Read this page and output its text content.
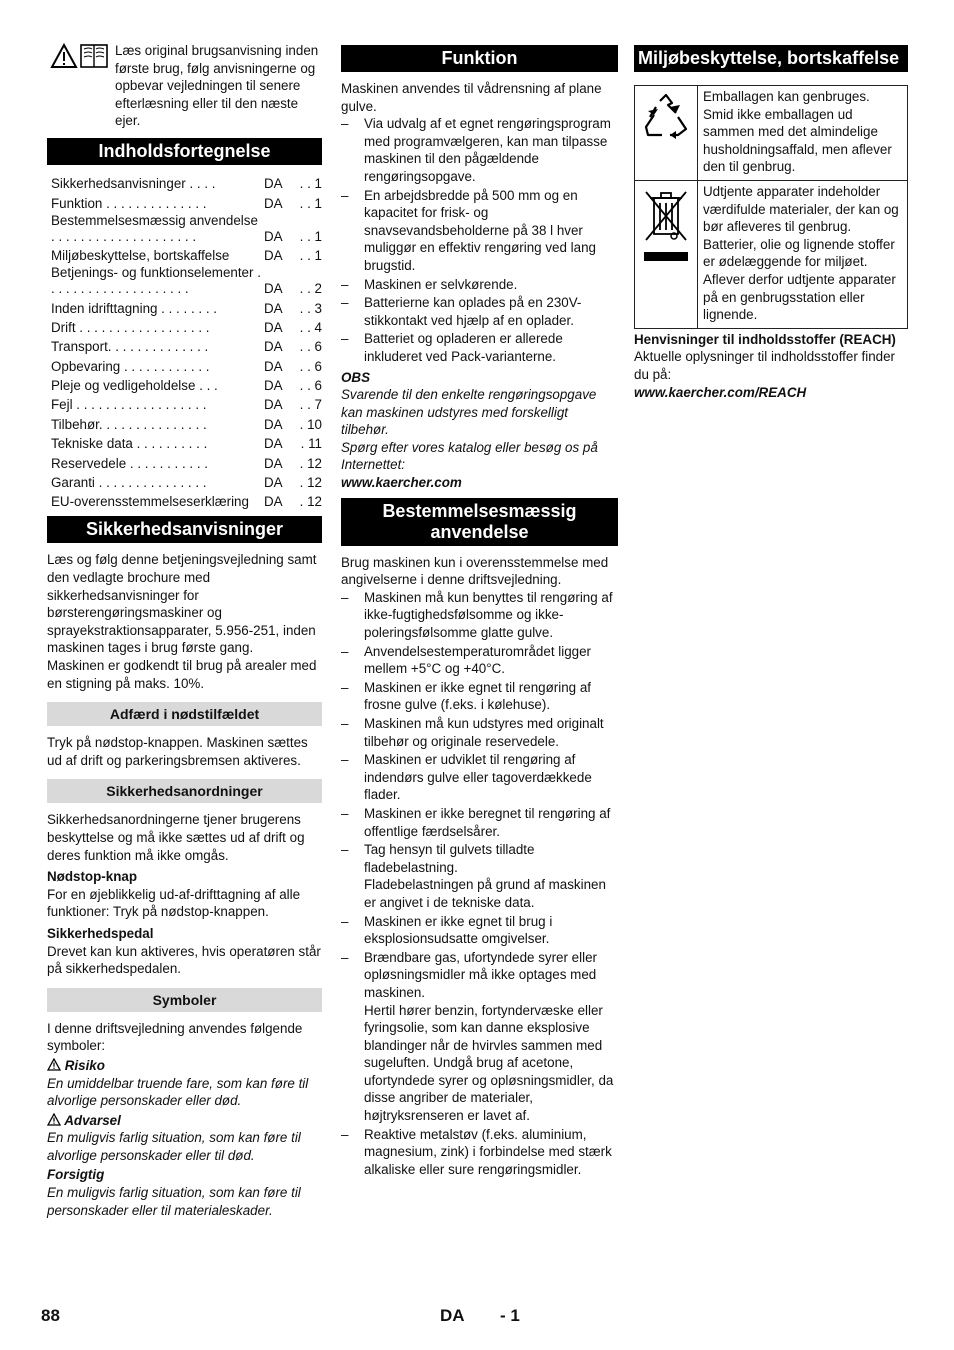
Læs original brugsanvisning inden første brug, følg anvisningerne og opbevar vejledningen til senere efterlæsning eller til den næste ejer.

Indholdsfortegnelse
Sikkerhedsanvisninger . . . .	DA	. . 1
Funktion . . . . . . . . . . . . . .	DA	. . 1
Bestemmelsesmæssig anvendelse . . . . . . . . . . . . . . . . . . . .	DA	. . 1
Miljøbeskyttelse, bortskaffelse	DA	. . 1
Betjenings- og funktionselementer . . . . . . . . . . . . . . . . . . . .	DA	. . 2
Inden idrifttagning . . . . . . . .	DA	. . 3
Drift . . . . . . . . . . . . . . . . . .	DA	. . 4
Transport. . . . . . . . . . . . . .	DA	. . 6
Opbevaring . . . . . . . . . . . .	DA	. . 6
Pleje og vedligeholdelse . . .	DA	. . 6
Fejl . . . . . . . . . . . . . . . . . .	DA	. . 7
Tilbehør. . . . . . . . . . . . . . .	DA	. 10
Tekniske data . . . . . . . . . .	DA	. 11
Reservedele . . . . . . . . . . .	DA	. 12
Garanti . . . . . . . . . . . . . . .	DA	. 12
EU-overensstemmelseserklæring	DA	. 12
Sikkerhedsanvisninger

Læs og følg denne betjeningsvejledning samt den vedlagte brochure med sikkerhedsanvisninger for børsterengøringsmaskiner og sprayekstraktionsapparater, 5.956-251, inden maskinen tages i brug første gang.

Maskinen er godkendt til brug på arealer med en stigning på maks. 10%.

Adfærd i nødstilfældet

Tryk på nødstop-knappen. Maskinen sættes ud af drift og parkeringsbremsen aktiveres.

Sikkerhedsanordninger

Sikkerhedsanordningerne tjener brugerens beskyttelse og må ikke sættes ud af drift og deres funktion må ikke omgås.

Nødstop-knap

For en øjeblikkelig ud-af-drifttagning af alle funktioner: Tryk på nødstop-knappen.

Sikkerhedspedal

Drevet kan kun aktiveres, hvis operatøren står på sikkerhedspedalen.

Symboler

I denne driftsvejledning anvendes følgende symboler:

Risiko

En umiddelbar truende fare, som kan føre til alvorlige personskader eller død.

Advarsel

En muligvis farlig situation, som kan føre til alvorlige personskader eller til død.

Forsigtig

En muligvis farlig situation, som kan føre til personskader eller til materialeskader.

Funktion

Maskinen anvendes til vådrensning af plane gulve.

– Via udvalg af et egnet rengøringsprogram med programvælgeren, kan man tilpasse maskinen til den pågældende rengøringsopgave.
– En arbejdsbredde på 500 mm og en kapacitet for frisk- og snavsevandsbeholderne på 38 l hver muliggør en effektiv rengøring ved lang brugstid.
– Maskinen er selvkørende.
– Batterierne kan oplades på en 230V-stikkontakt ved hjælp af en oplader.
– Batteriet og opladeren er allerede inkluderet ved Pack-varianterne.

OBS

Svarende til den enkelte rengøringsopgave kan maskinen udstyres med forskelligt tilbehør.

Spørg efter vores katalog eller besøg os på Internettet:

www.kaercher.com

Bestemmelsesmæssig anvendelse

Brug maskinen kun i overensstemmelse med angivelserne i denne driftsvejledning.

– Maskinen må kun benyttes til rengøring af ikke-fugtighedsfølsomme og ikke-poleringsfølsomme glatte gulve.
– Anvendelsestemperaturområdet ligger mellem +5°C og +40°C.
– Maskinen er ikke egnet til rengøring af frosne gulve (f.eks. i kølehuse).
– Maskinen må kun udstyres med originalt tilbehør og originale reservedele.
– Maskinen er udviklet til rengøring af indendørs gulve eller tagoverdækkede flader.
– Maskinen er ikke beregnet til rengøring af offentlige færdselsårer.
– Tag hensyn til gulvets tilladte fladebelastning.
Fladebelastningen på grund af maskinen er angivet i de tekniske data.
– Maskinen er ikke egnet til brug i eksplosionsudsatte omgivelser.
– Brændbare gas, ufortyndede syrer eller opløsningsmidler må ikke optages med maskinen.
Hertil hører benzin, fortyndervæske eller fyringsolie, som kan danne eksplosive blandinger når de hvirvles sammen med sugeluften. Undgå brug af acetone, ufortyndede syrer og opløsningsmidler, da disse angriber de materialer, højtryksrenseren er lavet af.
– Reaktive metalstøv (f.eks. aluminium, magnesium, zink) i forbindelse med stærk alkaliske eller sure rengøringsmidler.
Miljøbeskyttelse, bortskaffelse
	Emballagen kan genbruges. Smid ikke emballagen ud sammen med det almindelige husholdningsaffald, men aflever den til genbrug.
	Udtjente apparater indeholder værdifulde materialer, der kan og bør afleveres til genbrug. Batterier, olie og lignende stoffer er ødelæggende for miljøet. Aflever derfor udtjente apparater på en genbrugsstation eller lignende.

Henvisninger til indholdsstoffer (REACH)

Aktuelle oplysninger til indholdsstoffer finder du på:

www.kaercher.com/REACH

88	DA - 1
